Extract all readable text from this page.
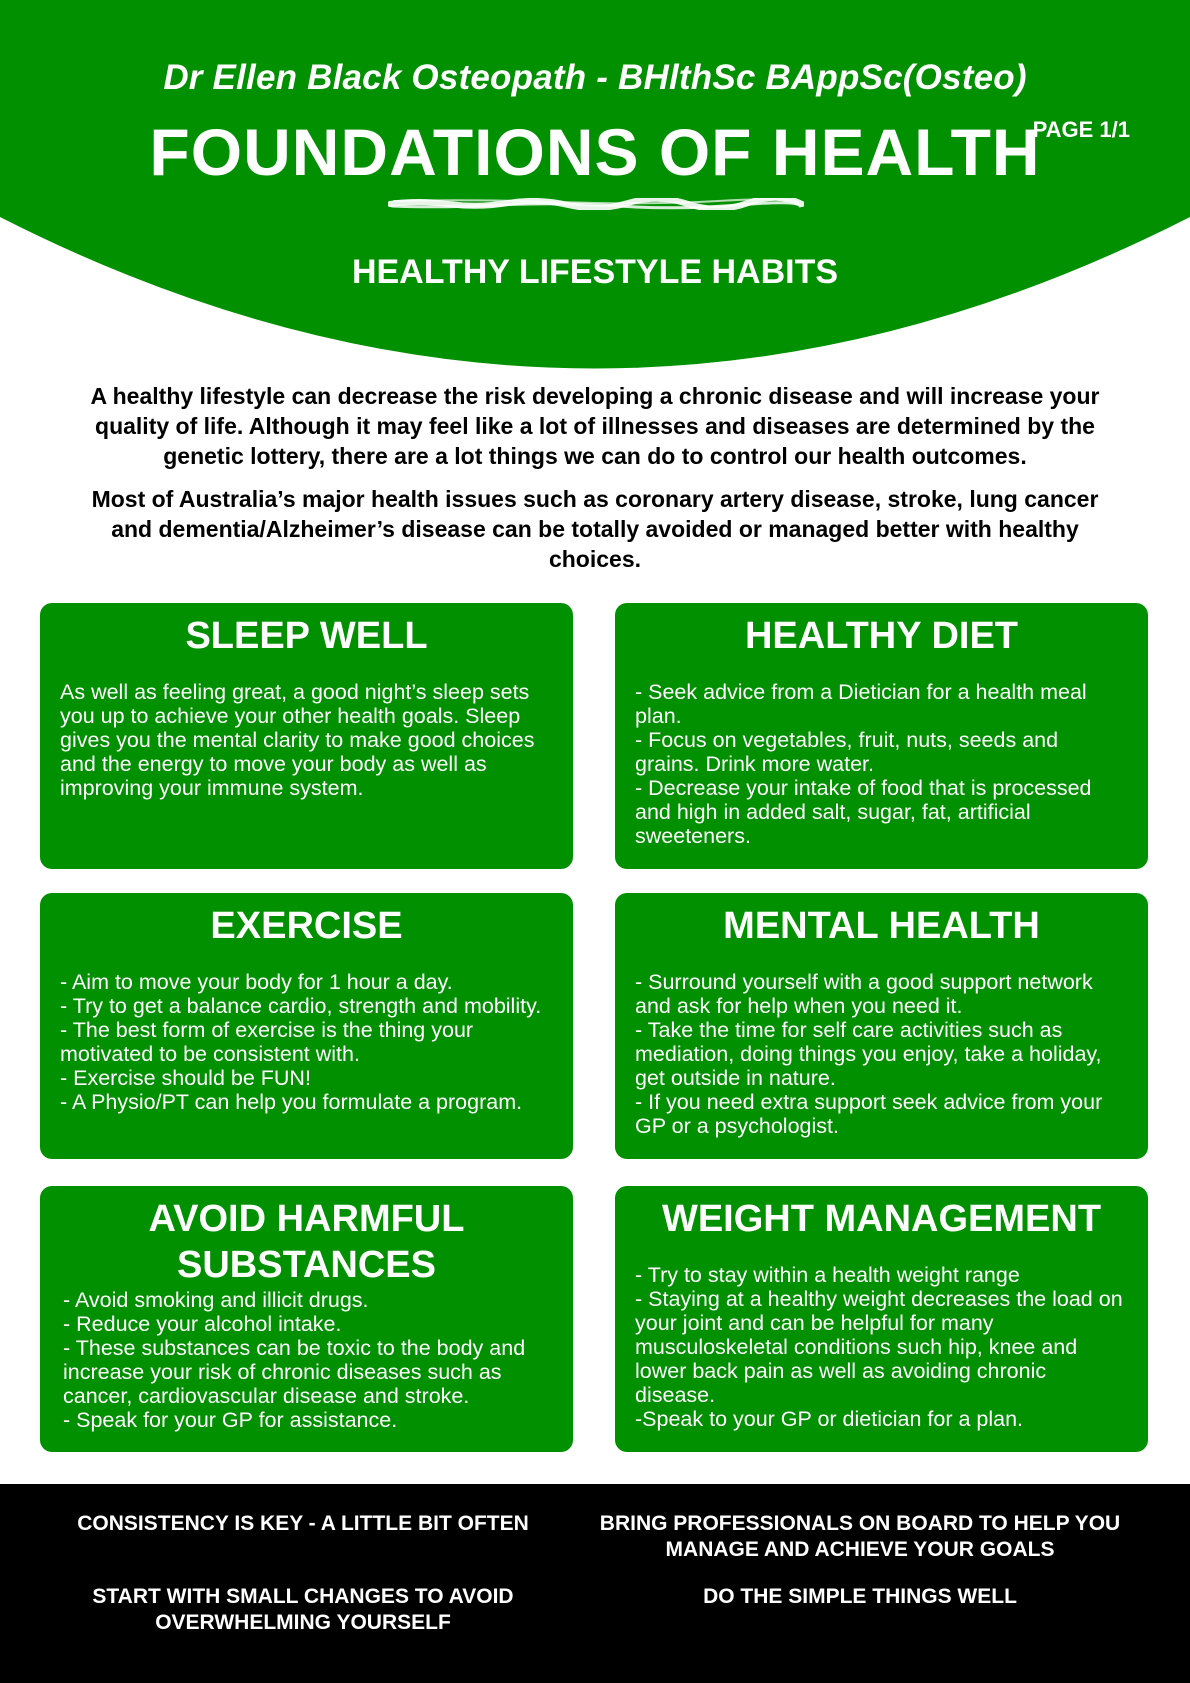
Dr Ellen Black Osteopath - BHlthSc BAppSc(Osteo)
FOUNDATIONS OF HEALTH
PAGE 1/1
HEALTHY LIFESTYLE HABITS

A healthy lifestyle can decrease the risk developing a chronic disease and will increase your quality of life. Although it may feel like a lot of illnesses and diseases are determined by the genetic lottery, there are a lot things we can do to control our health outcomes.

Most of Australia’s major health issues such as coronary artery disease, stroke, lung cancer and dementia/Alzheimer’s disease can be totally avoided or managed better with healthy choices.

SLEEP WELL
As well as feeling great, a good night’s sleep sets you up to achieve your other health goals. Sleep gives you the mental clarity to make good choices and the energy to move your body as well as improving your immune system.
HEALTHY DIET
- Seek advice from a Dietician for a health meal plan.
- Focus on vegetables, fruit, nuts, seeds and grains. Drink more water.
- Decrease your intake of food that is processed and high in added salt, sugar, fat, artificial sweeteners.
EXERCISE
- Aim to move your body for 1 hour a day.
- Try to get a balance cardio, strength and mobility.
- The best form of exercise is the thing your motivated to be consistent with.
- Exercise should be FUN!
- A Physio/PT can help you formulate a program.
MENTAL HEALTH
- Surround yourself with a good support network and ask for help when you need it.
- Take the time for self care activities such as mediation, doing things you enjoy, take a holiday, get outside in nature.
- If you need extra support seek advice from your GP or a psychologist.
AVOID HARMFUL SUBSTANCES
- Avoid smoking and illicit drugs.
- Reduce your alcohol intake.
- These substances can be toxic to the body and increase your risk of chronic diseases such as cancer, cardiovascular disease and stroke.
- Speak for your GP for assistance.
WEIGHT MANAGEMENT
- Try to stay within a health weight range
- Staying at a healthy weight decreases the load on your joint and can be helpful for many musculoskeletal conditions such hip, knee and lower back pain as well as avoiding chronic disease.
-Speak to your GP or dietician for a plan.
CONSISTENCY IS KEY - A LITTLE BIT OFTEN	BRING PROFESSIONALS ON BOARD TO HELP YOU MANAGE AND ACHIEVE YOUR GOALS
START WITH SMALL CHANGES TO AVOID OVERWHELMING YOURSELF
DO THE SIMPLE THINGS WELL
